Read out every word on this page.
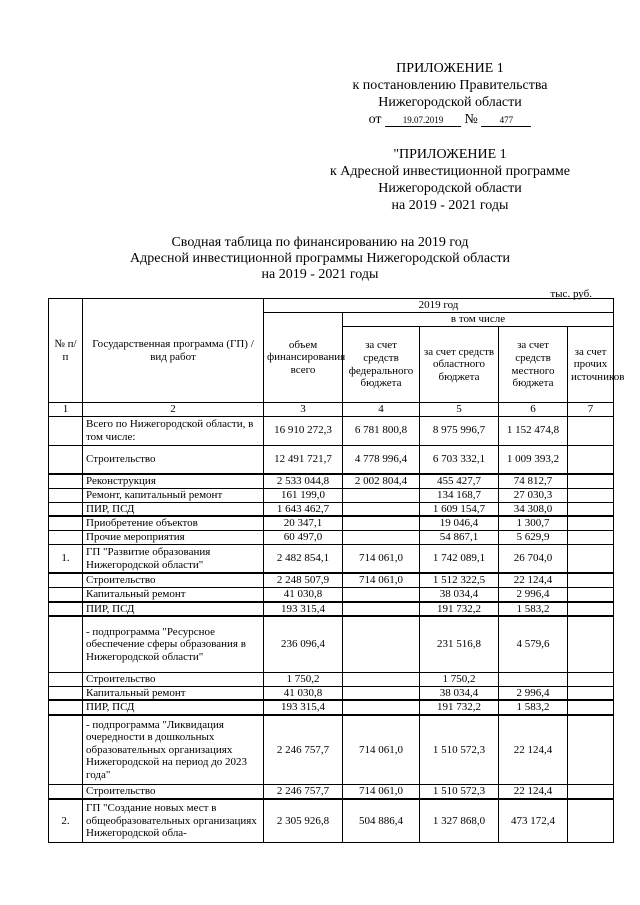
ПРИЛОЖЕНИЕ 1
к постановлению Правительства
Нижегородской области
от 19.07.2019 № 477
"ПРИЛОЖЕНИЕ 1
к Адресной инвестиционной программе
Нижегородской области
на 2019 - 2021 годы
Сводная таблица по финансированию на 2019 год
Адресной инвестиционной программы Нижегородской области
на 2019 - 2021 годы
тыс. руб.
№ п/п	Государственная программа (ГП) / вид работ	2019 год				
		объем финансирования всего	в том числе			
			за счет средств федерального бюджета	за счет средств областного бюджета	за счет средств местного бюджета	за счет прочих источников
1	2	3	4	5	6	7
	Всего по Нижегородской области, в том числе:	16 910 272,3	6 781 800,8	8 975 996,7	1 152 474,8	
	Строительство	12 491 721,7	4 778 996,4	6 703 332,1	1 009 393,2	
	Реконструкция	2 533 044,8	2 002 804,4	455 427,7	74 812,7	
	Ремонт, капитальный ремонт	161 199,0		134 168,7	27 030,3	
	ПИР, ПСД	1 643 462,7		1 609 154,7	34 308,0	
	Приобретение объектов	20 347,1		19 046,4	1 300,7	
	Прочие мероприятия	60 497,0		54 867,1	5 629,9	
1.	ГП "Развитие образования Нижегородской области"	2 482 854,1	714 061,0	1 742 089,1	26 704,0	
	Строительство	2 248 507,9	714 061,0	1 512 322,5	22 124,4	
	Капитальный ремонт	41 030,8		38 034,4	2 996,4	
	ПИР, ПСД	193 315,4		191 732,2	1 583,2	
	- подпрограмма "Ресурсное обеспечение сферы образования в Нижегородской области"	236 096,4		231 516,8	4 579,6	
	Строительство	1 750,2		1 750,2		
	Капитальный ремонт	41 030,8		38 034,4	2 996,4	
	ПИР, ПСД	193 315,4		191 732,2	1 583,2	
	- подпрограмма "Ликвидация очередности в дошкольных образовательных организациях Нижегородской на период до 2023 года"	2 246 757,7	714 061,0	1 510 572,3	22 124,4	
	Строительство	2 246 757,7	714 061,0	1 510 572,3	22 124,4	
2.	ГП "Создание новых мест в общеобразовательных организациях Нижегородской обла-	2 305 926,8	504 886,4	1 327 868,0	473 172,4	
